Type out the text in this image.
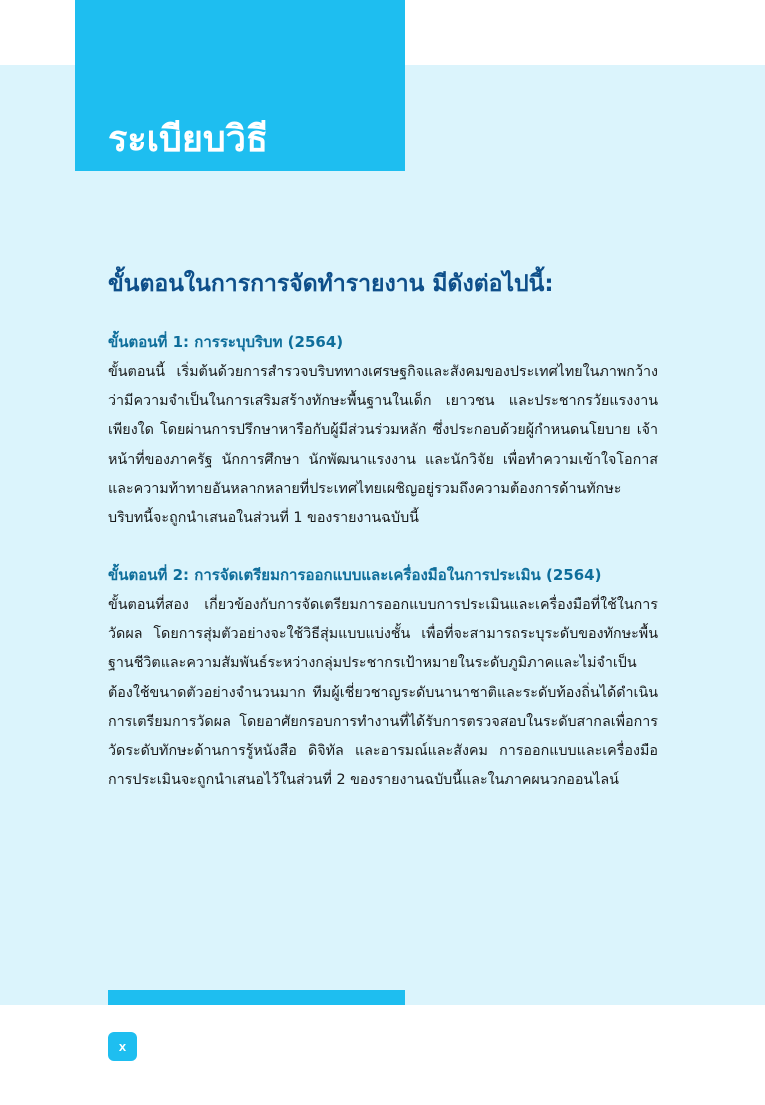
ระเบียบวิธี
ขั้นตอนในการการจัดทำรายงาน มีดังต่อไปนี้:

ขั้นตอนที่ 1: การระบุบริบท (2564)

ขั้นตอนนี้ เริ่มต้นด้วยการสำรวจบริบททางเศรษฐกิจและสังคมของประเทศไทยในภาพกว้าง ว่ามีความจำเป็นในการเสริมสร้างทักษะพื้นฐานในเด็ก เยาวชน และประชากรวัยแรงงานเพียงใด โดยผ่านการปรึกษาหารือกับผู้มีส่วนร่วมหลัก ซึ่งประกอบด้วยผู้กำหนดนโยบาย เจ้าหน้าที่ของภาครัฐ นักการศึกษา นักพัฒนาแรงงาน และนักวิจัย เพื่อทำความเข้าใจโอกาสและความท้าทายอันหลากหลายที่ประเทศไทยเผชิญอยู่รวมถึงความต้องการด้านทักษะ บริบทนี้จะถูกนำเสนอในส่วนที่ 1 ของรายงานฉบับนี้

ขั้นตอนที่ 2: การจัดเตรียมการออกแบบและเครื่องมือในการประเมิน (2564)

ขั้นตอนที่สอง เกี่ยวข้องกับการจัดเตรียมการออกแบบการประเมินและเครื่องมือที่ใช้ในการวัดผล โดยการสุ่มตัวอย่างจะใช้วิธีสุ่มแบบแบ่งชั้น เพื่อที่จะสามารถระบุระดับของทักษะพื้นฐานชีวิตและความสัมพันธ์ระหว่างกลุ่มประชากรเป้าหมายในระดับภูมิภาคและไม่จำเป็นต้องใช้ขนาดตัวอย่างจำนวนมาก ทีมผู้เชี่ยวชาญระดับนานาชาติและระดับท้องถิ่นได้ดำเนินการเตรียมการวัดผล โดยอาศัยกรอบการทำงานที่ได้รับการตรวจสอบในระดับสากลเพื่อการวัดระดับทักษะด้านการรู้หนังสือ ดิจิทัล และอารมณ์และสังคม การออกแบบและเครื่องมือการประเมินจะถูกนำเสนอไว้ในส่วนที่ 2 ของรายงานฉบับนี้และในภาคผนวกออนไลน์

x
